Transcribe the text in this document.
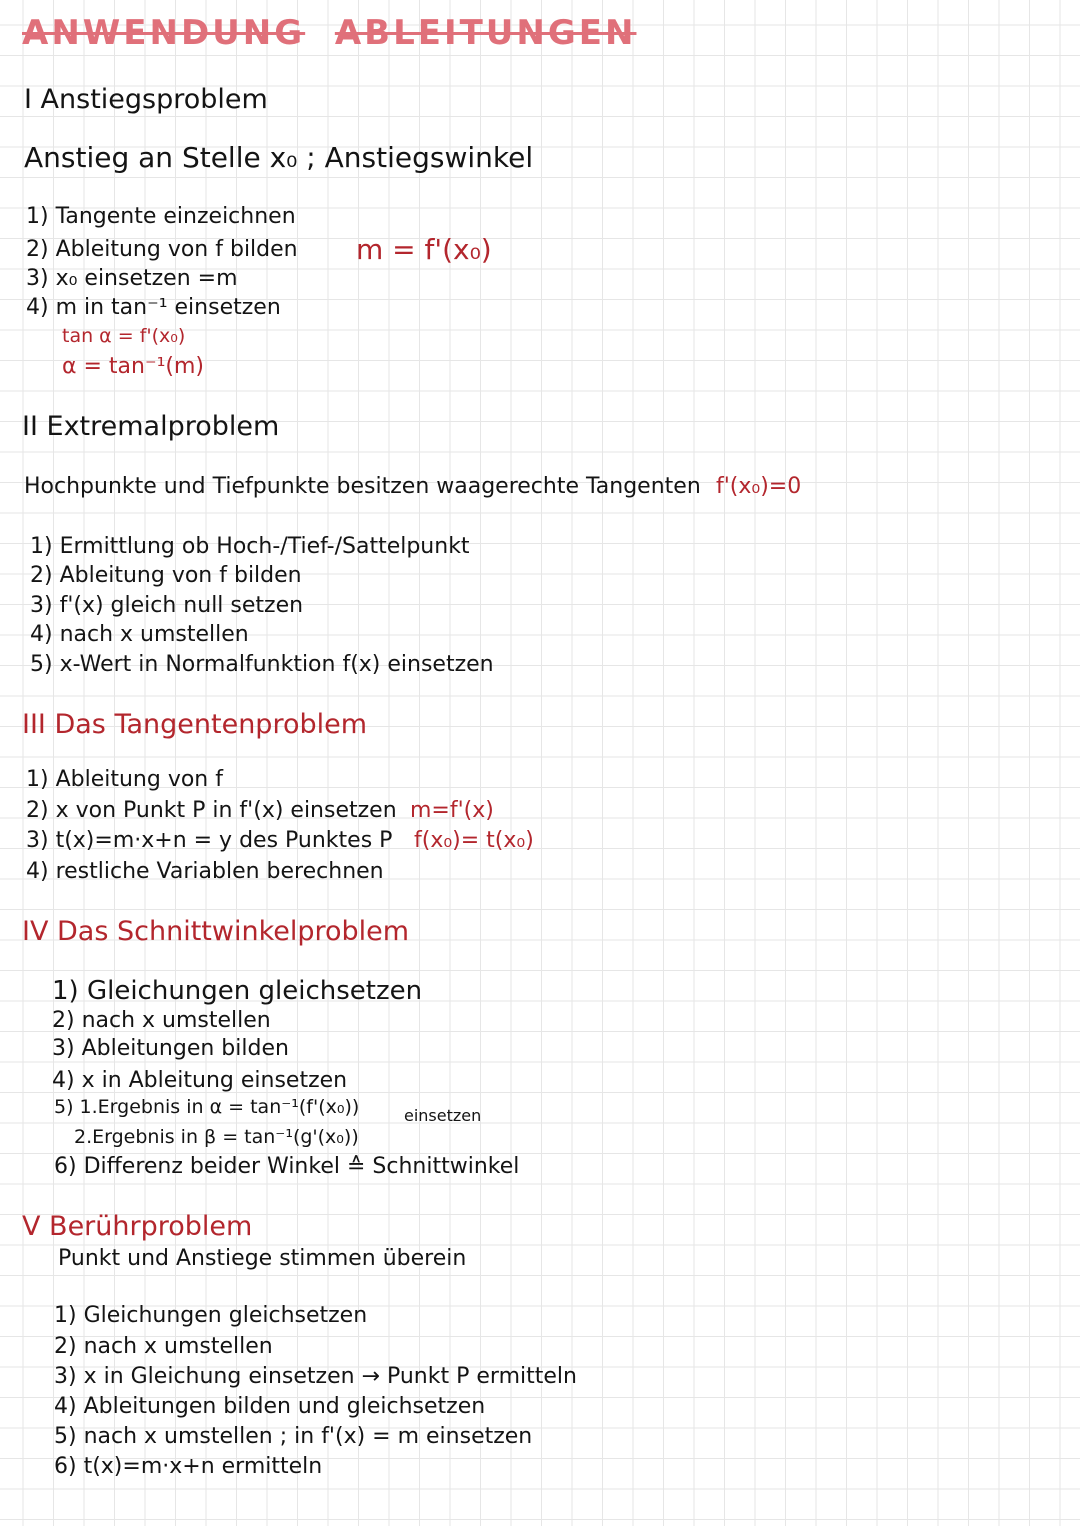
ANWENDUNG ABLEITUNGEN
I Anstiegsproblem
Anstieg an Stelle x₀ ; Anstiegswinkel
1) Tangente einzeichnen
2) Ableitung von f bilden
3) x₀ einsetzen =m
4) m in tan⁻¹ einsetzen
m = f'(x₀)
tan α = f'(x₀)
α = tan⁻¹(m)
II Extremalproblem
Hochpunkte und Tiefpunkte besitzen waagerechte Tangenten f'(x₀)=0
1) Ermittlung ob Hoch-/Tief-/Sattelpunkt
2) Ableitung von f bilden
3) f'(x) gleich null setzen
4) nach x umstellen
5) x-Wert in Normalfunktion f(x) einsetzen
III Das Tangentenproblem
1) Ableitung von f
2) x von Punkt P in f'(x) einsetzen
3) t(x)=m·x+n = y des Punktes P
4) restliche Variablen berechnen
m=f'(x)
f(x₀)= t(x₀)
IV Das Schnittwinkelproblem
1) Gleichungen gleichsetzen
2) nach x umstellen
3) Ableitungen bilden
4) x in Ableitung einsetzen
5) 1.Ergebnis in α = tan⁻¹(f'(x₀))	einsetzen
2.Ergebnis in β = tan⁻¹(g'(x₀))
6) Differenz beider Winkel ≙ Schnittwinkel
V Berührproblem
Punkt und Anstiege stimmen überein
1) Gleichungen gleichsetzen
2) nach x umstellen
3) x in Gleichung einsetzen → Punkt P ermitteln
4) Ableitungen bilden und gleichsetzen
5) nach x umstellen ; in f'(x) = m einsetzen
6) t(x)=m·x+n ermitteln
